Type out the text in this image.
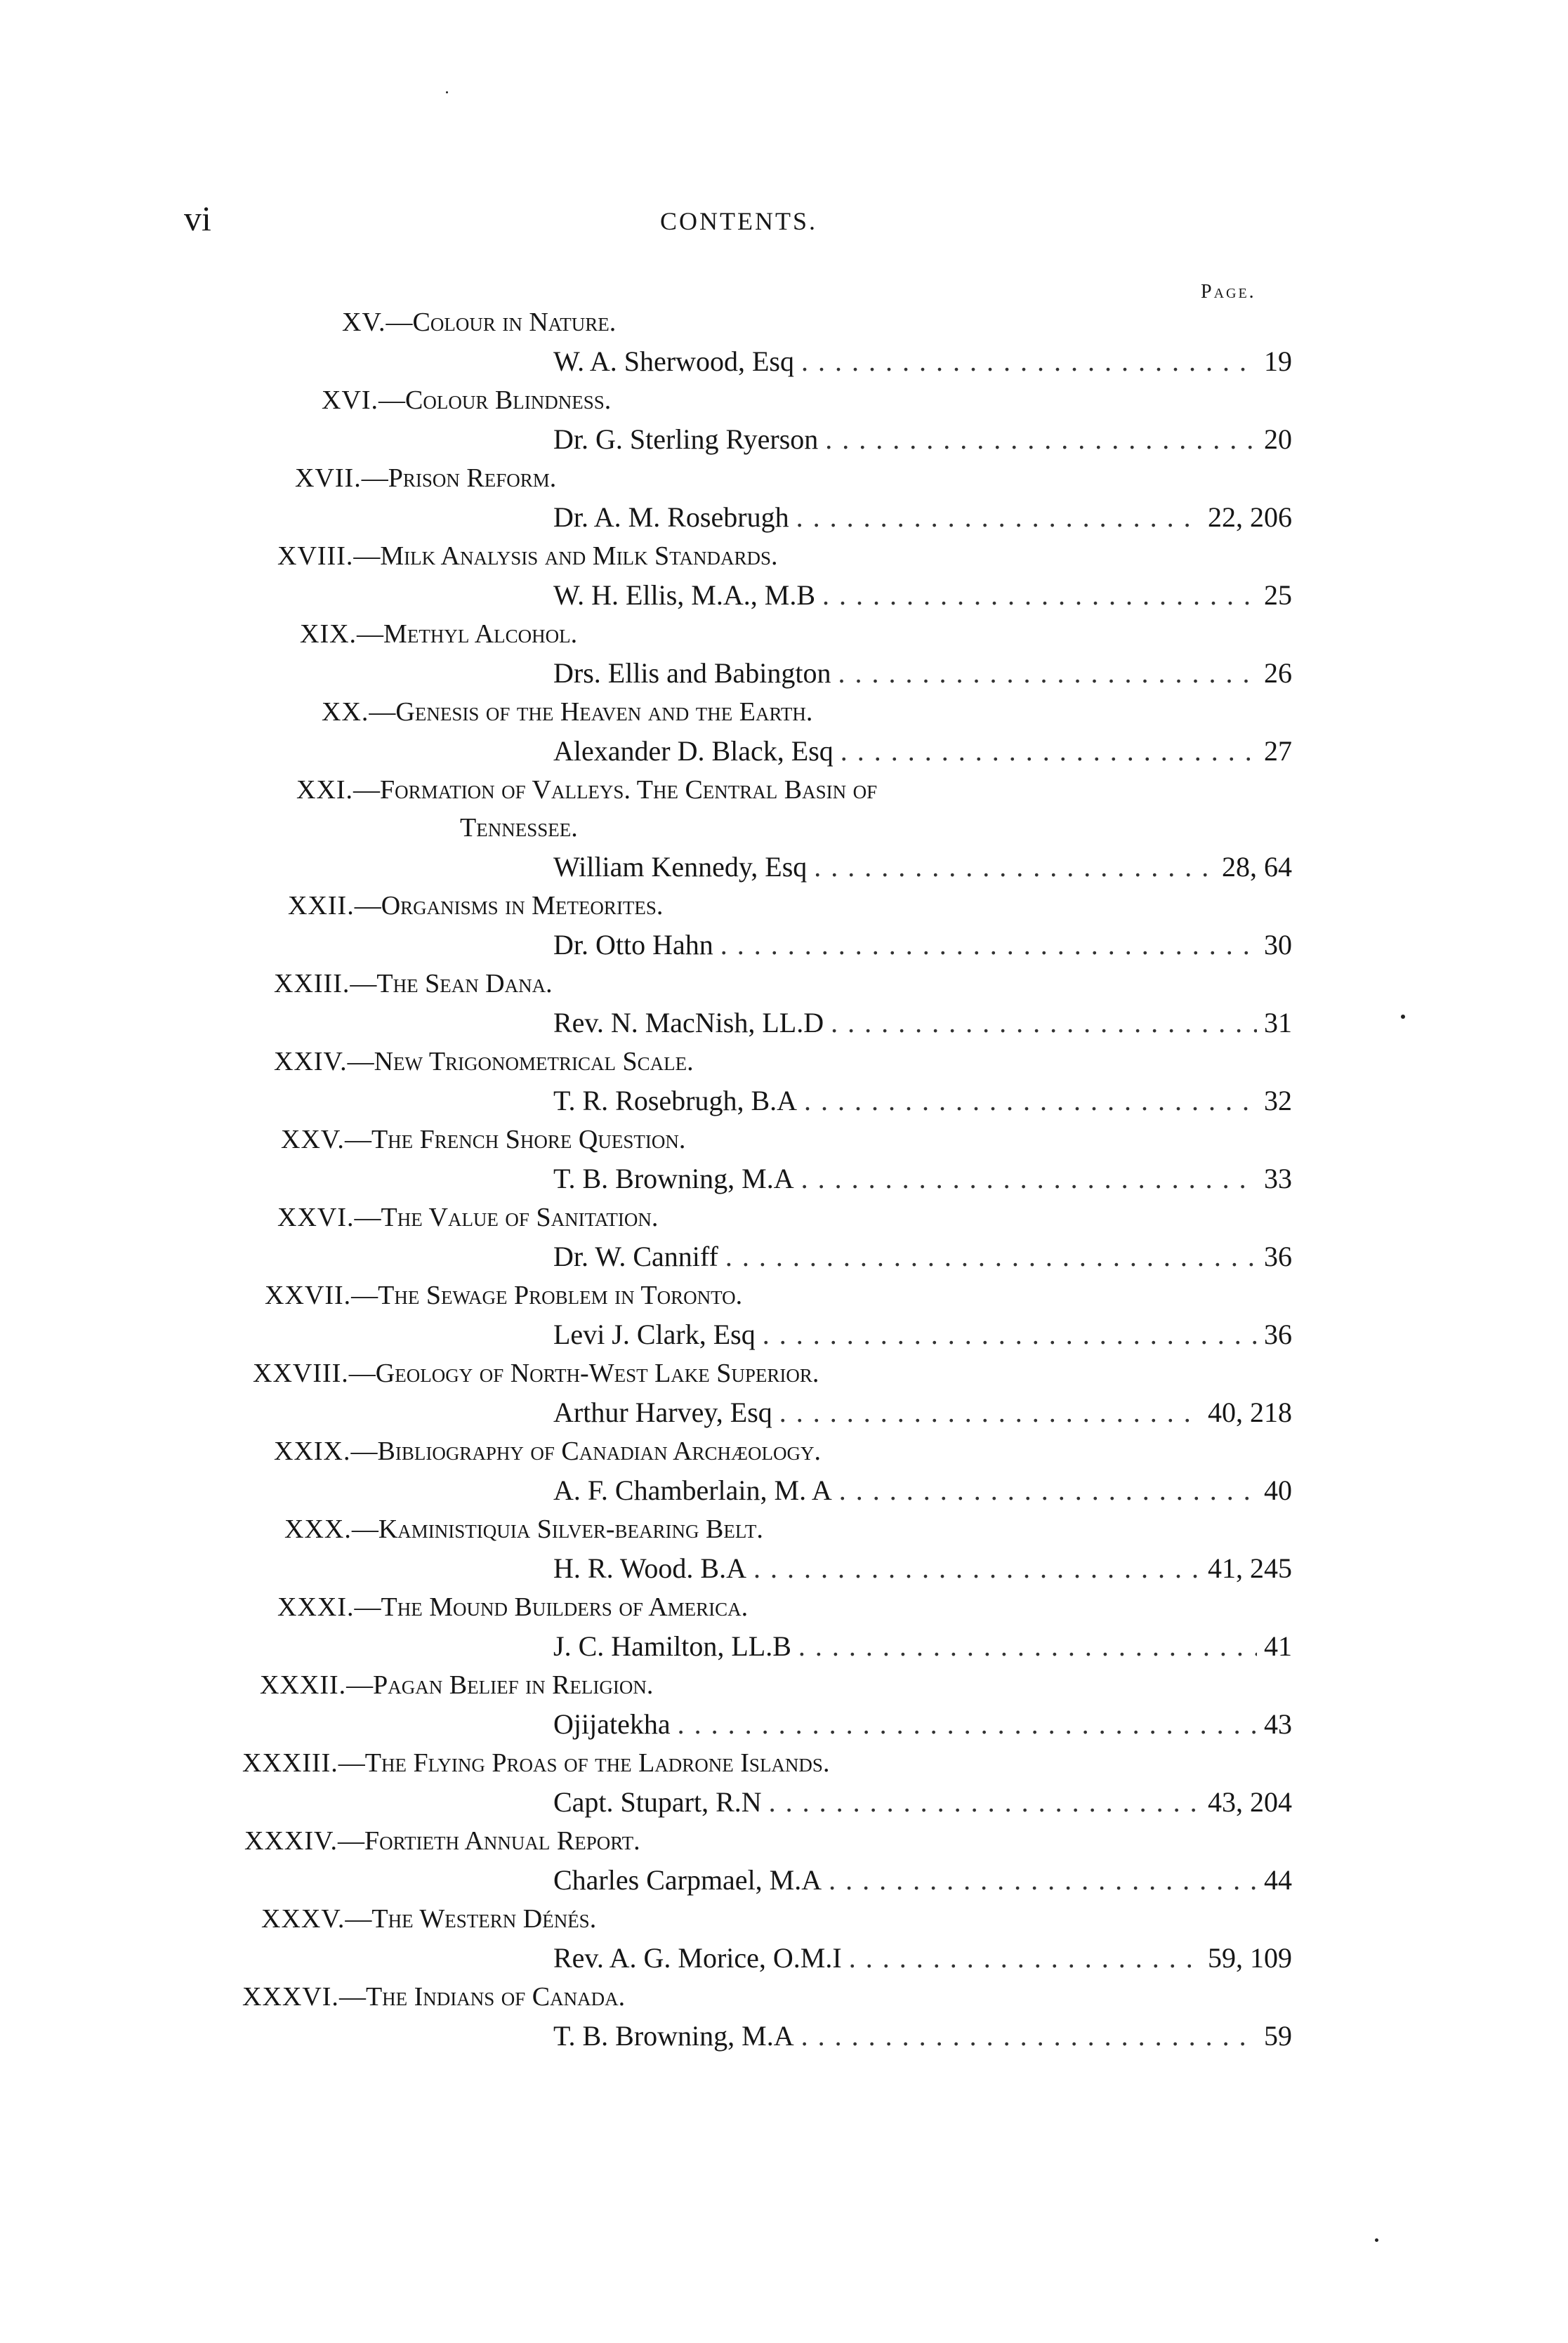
vi	CONTENTS.
Page.
XV.—Colour in Nature.
W. A. Sherwood, Esq . . .	19
XVI.—Colour Blindness.
Dr. G. Sterling Ryerson . . .	20
XVII.—Prison Reform.
Dr. A. M. Rosebrugh . . .	22, 206
XVIII.—Milk Analysis and Milk Standards.
W. H. Ellis, M.A., M.B . . .	25
XIX.—Methyl Alcohol.
Drs. Ellis and Babington . . .	26
XX.—Genesis of the Heaven and the Earth.
Alexander D. Black, Esq . . .	27
XXI.—Formation of Valleys. The Central Basin of
Tennessee.
William Kennedy, Esq . . .	28, 64
XXII.—Organisms in Meteorites.
Dr. Otto Hahn . . .	30
XXIII.—The Sean Dana.
Rev. N. MacNish, LL.D . . .	31
XXIV.—New Trigonometrical Scale.
T. R. Rosebrugh, B.A . . .	32
XXV.—The French Shore Question.
T. B. Browning, M.A . . .	33
XXVI.—The Value of Sanitation.
Dr. W. Canniff . . .	36
XXVII.—The Sewage Problem in Toronto.
Levi J. Clark, Esq . . .	36
XXVIII.—Geology of North-West Lake Superior.
Arthur Harvey, Esq . . .	40, 218
XXIX.—Bibliography of Canadian Archæology.
A. F. Chamberlain, M. A . . .	40
XXX.—Kaministiquia Silver-bearing Belt.
H. R. Wood. B.A . . .	41, 245
XXXI.—The Mound Builders of America.
J. C. Hamilton, LL.B . . .	41
XXXII.—Pagan Belief in Religion.
Ojijatekha . . .	43
XXXIII.—The Flying Proas of the Ladrone Islands.
Capt. Stupart, R.N . . .	43, 204
XXXIV.—Fortieth Annual Report.
Charles Carpmael, M.A . . .	44
XXXV.—The Western Dénés.
Rev. A. G. Morice, O.M.I . . .	59, 109
XXXVI.—The Indians of Canada.
T. B. Browning, M.A . . .	59
